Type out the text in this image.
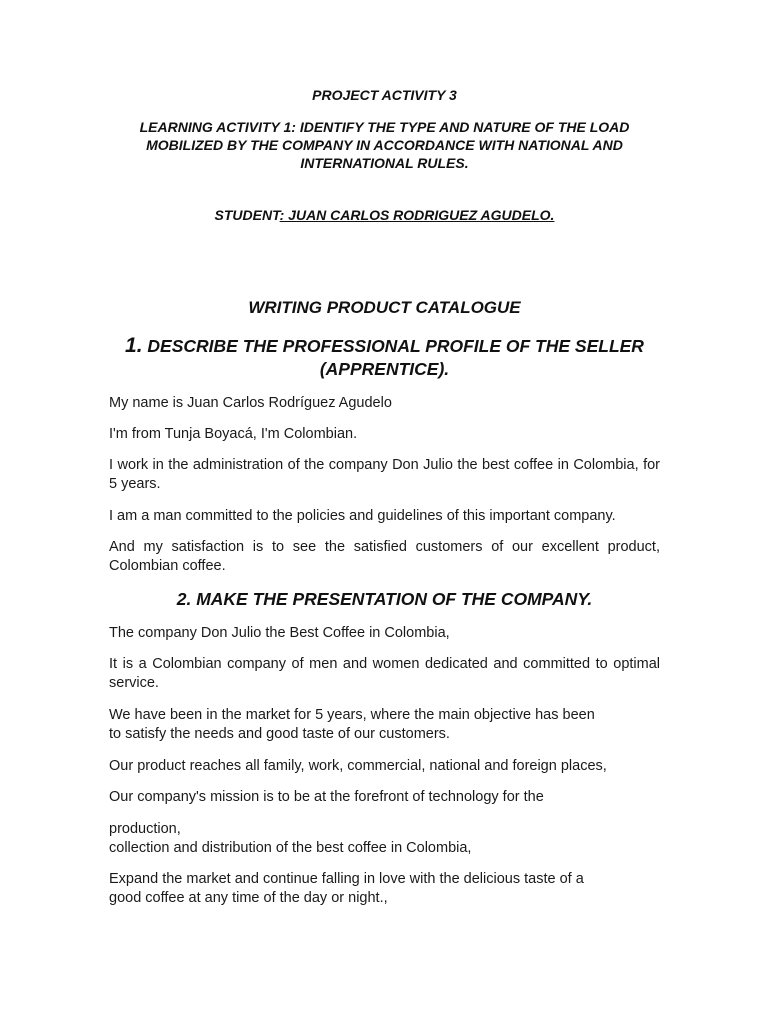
PROJECT ACTIVITY 3
LEARNING ACTIVITY 1: IDENTIFY THE TYPE AND NATURE OF THE LOAD MOBILIZED BY THE COMPANY IN ACCORDANCE WITH NATIONAL AND INTERNATIONAL RULES.
STUDENT: JUAN CARLOS RODRIGUEZ AGUDELO.
WRITING PRODUCT CATALOGUE
1. DESCRIBE THE PROFESSIONAL PROFILE OF THE SELLER (APPRENTICE).
My name is Juan Carlos Rodríguez Agudelo
I'm from Tunja Boyacá, I'm Colombian.
I work in the administration of the company Don Julio the best coffee in Colombia, for 5 years.
I am a man committed to the policies and guidelines of this important company.
And my satisfaction is to see the satisfied customers of our excellent product, Colombian coffee.
2. MAKE THE PRESENTATION OF THE COMPANY.
The company Don Julio the Best Coffee in Colombia,
It is a Colombian company of men and women dedicated and committed to optimal service.
We have been in the market for 5 years, where the main objective has been
to satisfy the needs and good taste of our customers.
Our product reaches all family, work, commercial, national and foreign places,
Our company's mission is to be at the forefront of technology for the
production,
collection and distribution of the best coffee in Colombia,
Expand the market and continue falling in love with the delicious taste of a
good coffee at any time of the day or night.,
